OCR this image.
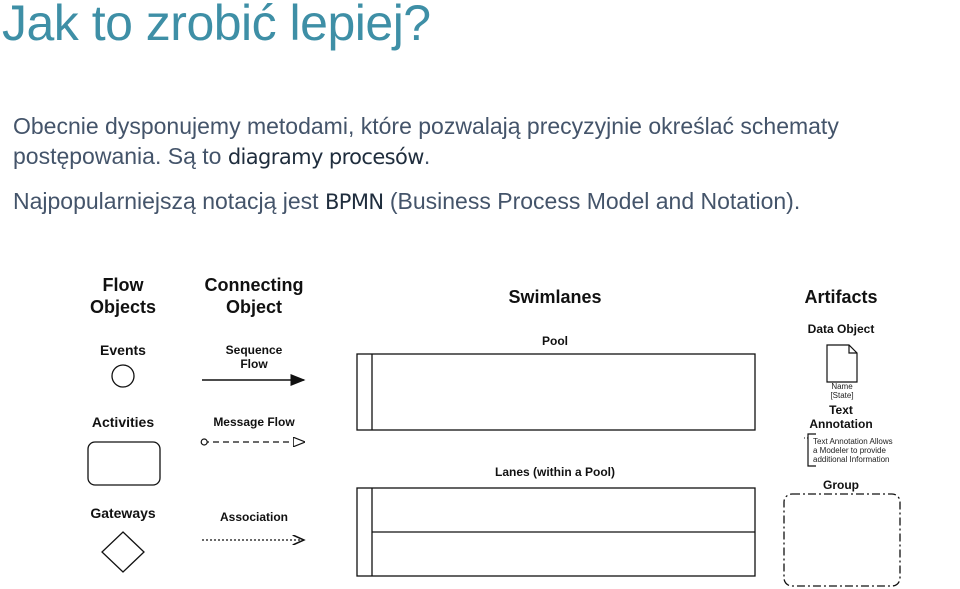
Jak to zrobić lepiej?
Obecnie dysponujemy metodami, które pozwalają precyzyjnie określać schematy
postępowania. Są to diagramy procesów.
Najpopularniejszą notacją jest BPMN (Business Process Model and Notation).
Flow
Objects
Connecting
Object	Swimlanes	Artifacts
Events
Activities
Gateways
Sequence
Flow
Message Flow
Association
Pool
Lanes (within a Pool)
Data Object
Name
[State]
Text
Annotation
Text Annotation Allows
a Modeler to provide
additional Information
Group
